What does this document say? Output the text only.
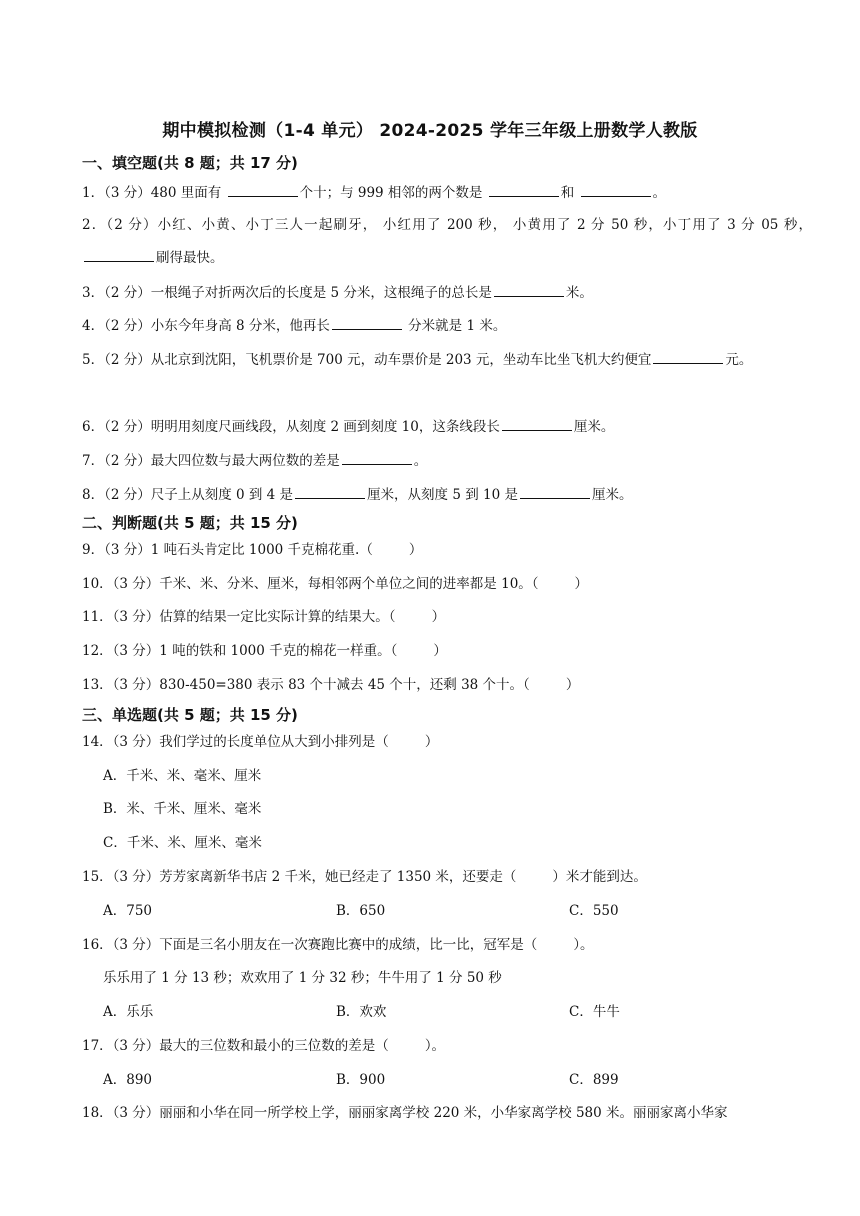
期中模拟检测（1-4 单元） 2024-2025 学年三年级上册数学人教版
一、填空题(共 8 题；共 17 分)
1．（3 分）480 里面有	个十；与 999 相邻的两个数是	和	。
2．（2 分）小红、小黄、小丁三人一起刷牙， 小红用了 200 秒， 小黄用了 2 分 50 秒，小丁用了 3 分 05 秒，刷得最快。
3．（2 分）一根绳子对折两次后的长度是 5 分米，这根绳子的总长是	米。
4．（2 分）小东今年身高 8 分米，他再长	分米就是 1 米。
5．（2 分）从北京到沈阳，飞机票价是 700 元，动车票价是 203 元，坐动车比坐飞机大约便宜	元。
6．（2 分）明明用刻度尺画线段，从刻度 2 画到刻度 10，这条线段长	厘米。
7．（2 分）最大四位数与最大两位数的差是	。
8．（2 分）尺子上从刻度 0 到 4 是	厘米，从刻度 5 到 10 是	厘米。
二、判断题(共 5 题；共 15 分)
9．（3 分）1 吨石头肯定比 1000 千克棉花重.（	）
10．（3 分）千米、米、分米、厘米，每相邻两个单位之间的进率都是 10。（	）
11．（3 分）估算的结果一定比实际计算的结果大。（	）
12．（3 分）1 吨的铁和 1000 千克的棉花一样重。（	）
13．（3 分）830-450=380 表示 83 个十减去 45 个十，还剩 38 个十。（	）
三、单选题(共 5 题；共 15 分)
14．（3 分）我们学过的长度单位从大到小排列是（	）
A．千米、米、毫米、厘米
B．米、千米、厘米、毫米
C．千米、米、厘米、毫米
15．（3 分）芳芳家离新华书店 2 千米，她已经走了 1350 米，还要走（	）米才能到达。
A．750	B．650	C．550
16．（3 分）下面是三名小朋友在一次赛跑比赛中的成绩，比一比，冠军是（	）。
乐乐用了 1 分 13 秒；欢欢用了 1 分 32 秒；牛牛用了 1 分 50 秒
A．乐乐	B．欢欢	C．牛牛
17．（3 分）最大的三位数和最小的三位数的差是（	）。
A．890	B．900	C．899
18．（3 分）丽丽和小华在同一所学校上学，丽丽家离学校 220 米，小华家离学校 580 米。丽丽家离小华家
